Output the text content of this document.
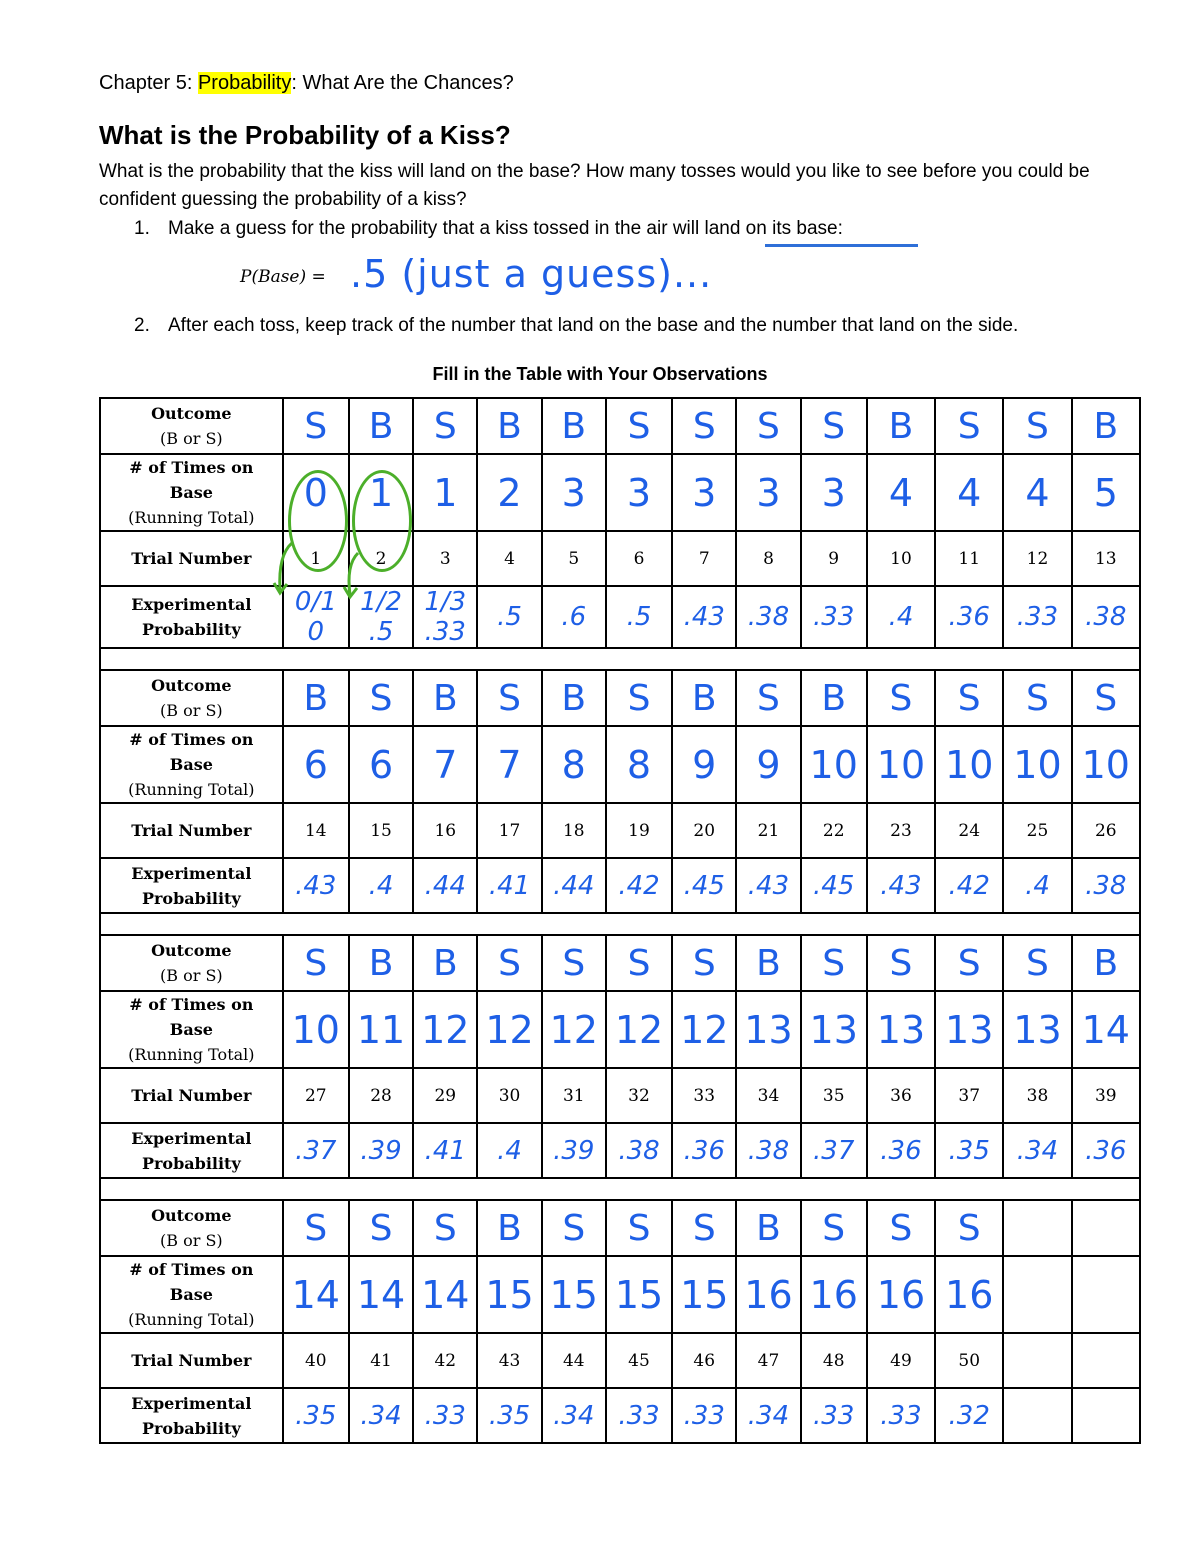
Chapter 5: Probability: What Are the Chances?
What is the Probability of a Kiss?
What is the probability that the kiss will land on the base? How many tosses would you like to see before you could be confident guessing the probability of a kiss?
1. Make a guess for the probability that a kiss tossed in the air will land on its base:
P(Base) = .5 (just a guess)...
2. After each toss, keep track of the number that land on the base and the number that land on the side.
Fill in the Table with Your Observations
Outcome
(B or S)	S	B	S	B	B	S	S	S	S	B	S	S	B
# of Times on
Base
(Running Total)	0	1	1	2	3	3	3	3	3	4	4	4	5
Trial Number	1	2	3	4	5	6	7	8	9	10	11	12	13
Experimental
Probability	0/1 0	1/2 .5	1/3 .33	.5	.6	.5	.43	.38	.33	.4	.36	.33	.38

Outcome
(B or S)	B	S	B	S	B	S	B	S	B	S	S	S	S
# of Times on
Base
(Running Total)	6	6	7	7	8	8	9	9	10	10	10	10	10
Trial Number	14	15	16	17	18	19	20	21	22	23	24	25	26
Experimental
Probability	.43	.4	.44	.41	.44	.42	.45	.43	.45	.43	.42	.4	.38

Outcome
(B or S)	S	B	B	S	S	S	S	B	S	S	S	S	B
# of Times on
Base
(Running Total)	10	11	12	12	12	12	12	13	13	13	13	13	14
Trial Number	27	28	29	30	31	32	33	34	35	36	37	38	39
Experimental
Probability	.37	.39	.41	.4	.39	.38	.36	.38	.37	.36	.35	.34	.36

Outcome
(B or S)	S	S	S	B	S	S	S	B	S	S	S		
# of Times on
Base
(Running Total)	14	14	14	15	15	15	15	16	16	16	16		
Trial Number	40	41	42	43	44	45	46	47	48	49	50		
Experimental
Probability	.35	.34	.33	.35	.34	.33	.33	.34	.33	.33	.32		
